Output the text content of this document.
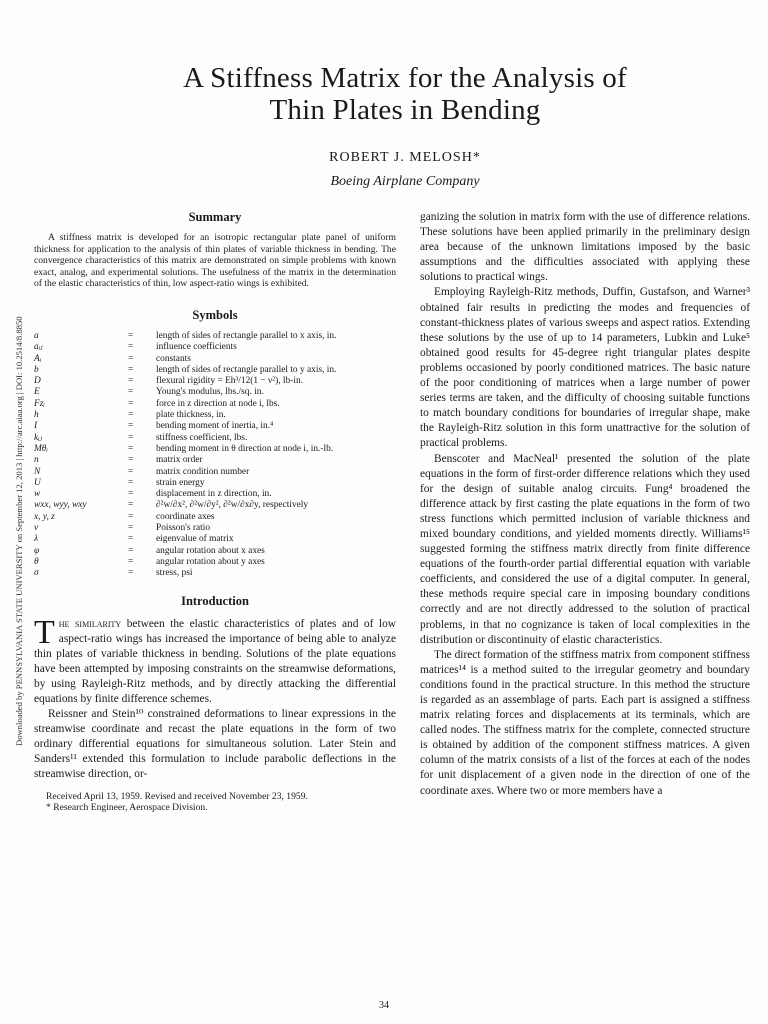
Downloaded by PENNSYLVANIA STATE UNIVERSITY on September 12, 2013 | http://arc.aiaa.org | DOI: 10.2514/8.8850
A Stiffness Matrix for the Analysis of
Thin Plates in Bending
ROBERT J. MELOSH*
Boeing Airplane Company
Summary

A stiffness matrix is developed for an isotropic rectangular plate panel of uniform thickness for application to the analysis of thin plates of variable thickness in bending. The convergence characteristics of this matrix are demonstrated on simple problems with known exact, analog, and experimental solutions. The usefulness of the matrix in the determination of the elastic characteristics of thin, low aspect-ratio wings is exhibited.

Symbols
a	=	length of sides of rectangle parallel to x axis, in.
aᵢⱼ	=	influence coefficients
Aᵢ	=	constants
b	=	length of sides of rectangle parallel to y axis, in.
D	=	flexural rigidity = Eh³/12(1 − ν²), lb-in.
E	=	Young's modulus, lbs./sq. in.
Fzᵢ	=	force in z direction at node i, lbs.
h	=	plate thickness, in.
I	=	bending moment of inertia, in.⁴
kᵢⱼ	=	stiffness coefficient, lbs.
Mθᵢ	=	bending moment in θ direction at node i, in.-lb.
n	=	matrix order
N	=	matrix condition number
U	=	strain energy
w	=	displacement in z direction, in.
wxx, wyy, wxy	=	∂²w/∂x², ∂²w/∂y², ∂²w/∂x∂y, respectively
x, y, z	=	coordinate axes
ν	=	Poisson's ratio
λ	=	eigenvalue of matrix
φ	=	angular rotation about x axes
θ	=	angular rotation about y axes
σ	=	stress, psi
Introduction

The similarity between the elastic characteristics of plates and of low aspect-ratio wings has increased the importance of being able to analyze thin plates of variable thickness in bending. Solutions of the plate equations have been attempted by imposing constraints on the streamwise deformations, by using Rayleigh-Ritz methods, and by directly attacking the differential equations by finite difference schemes.

Reissner and Stein¹⁰ constrained deformations to linear expressions in the streamwise coordinate and recast the plate equations in the form of two ordinary differential equations for simultaneous solution. Later Stein and Sanders¹¹ extended this formulation to include parabolic deflections in the streamwise direction, or-

Received April 13, 1959. Revised and received November 23, 1959.

* Research Engineer, Aerospace Division.

ganizing the solution in matrix form with the use of difference relations. These solutions have been applied primarily in the preliminary design area because of the unknown limitations imposed by the basic assumptions and the difficulties associated with applying these solutions to practical wings.

Employing Rayleigh-Ritz methods, Duffin, Gustafson, and Warner³ obtained fair results in predicting the modes and frequencies of constant-thickness plates of various sweeps and aspect ratios. Extending these solutions by the use of up to 14 parameters, Lubkin and Luke⁵ obtained good results for 45-degree right triangular plates despite problems occasioned by poorly conditioned matrices. The basic nature of the poor conditioning of matrices when a large number of power series terms are taken, and the difficulty of choosing suitable functions to match boundary conditions for boundaries of irregular shape, make the Rayleigh-Ritz solution in this form unattractive for the solution of practical problems.

Benscoter and MacNeal¹ presented the solution of the plate equations in the form of first-order difference relations which they used for the design of suitable analog circuits. Fung⁴ broadened the difference attack by first casting the plate equations in the form of two stress functions which permitted inclusion of variable thickness and mixed boundary conditions, and yielded moments directly. Williams¹⁵ suggested forming the stiffness matrix directly from finite difference equations of the fourth-order partial differential equation with variable coefficients, and considered the use of a digital computer. In general, these methods require special care in imposing boundary conditions correctly and are not directly addressed to the solution of practical problems, in that no cognizance is taken of local complexities in the distribution or discontinuity of elastic characteristics.

The direct formation of the stiffness matrix from component stiffness matrices¹⁴ is a method suited to the irregular geometry and boundary conditions found in the practical structure. In this method the structure is regarded as an assemblage of parts. Each part is assigned a stiffness matrix relating forces and displacements at its terminals, which are called nodes. The stiffness matrix for the complete, connected structure is obtained by addition of the component stiffness matrices. A given column of the matrix consists of a list of the forces at each of the nodes for unit displacement of a given node in the direction of one of the coordinate axes. Where two or more members have a

34
